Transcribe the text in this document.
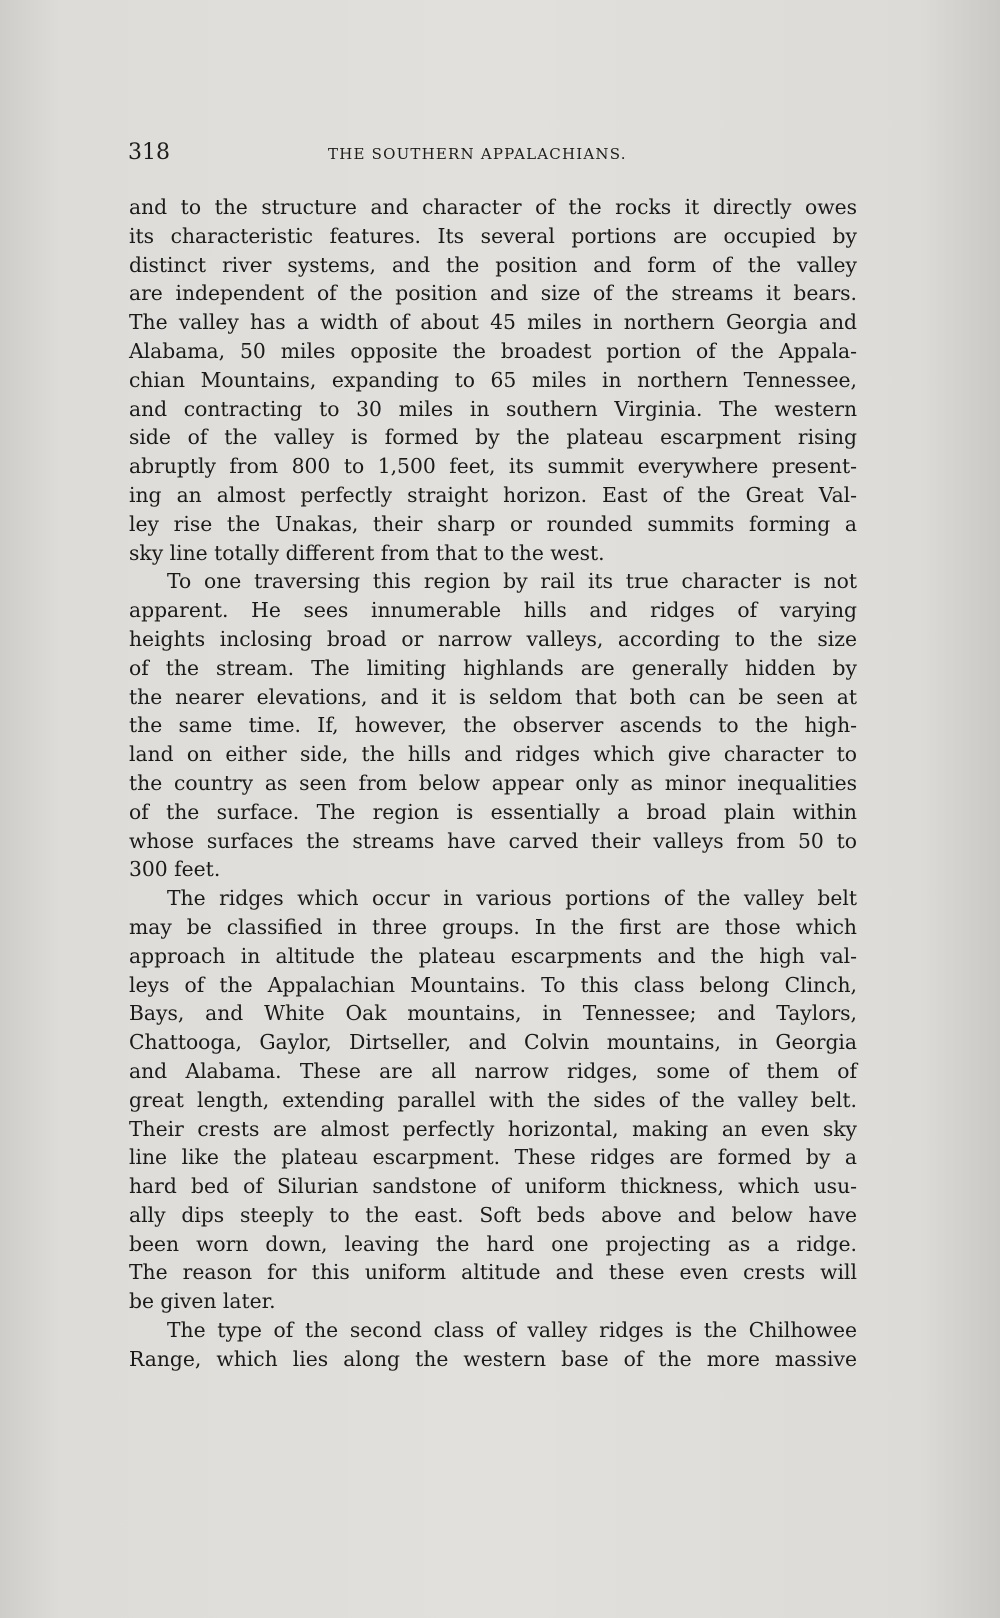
318	THE SOUTHERN APPALACHIANS.
and to the structure and character of the rocks it directly owes
its characteristic features. Its several portions are occupied by
distinct river systems, and the position and form of the valley
are independent of the position and size of the streams it bears.
The valley has a width of about 45 miles in northern Georgia and
Alabama, 50 miles opposite the broadest portion of the Appala-
chian Mountains, expanding to 65 miles in northern Tennessee,
and contracting to 30 miles in southern Virginia. The western
side of the valley is formed by the plateau escarpment rising
abruptly from 800 to 1,500 feet, its summit everywhere present-
ing an almost perfectly straight horizon. East of the Great Val-
ley rise the Unakas, their sharp or rounded summits forming a
sky line totally different from that to the west.
To one traversing this region by rail its true character is not
apparent. He sees innumerable hills and ridges of varying
heights inclosing broad or narrow valleys, according to the size
of the stream. The limiting highlands are generally hidden by
the nearer elevations, and it is seldom that both can be seen at
the same time. If, however, the observer ascends to the high-
land on either side, the hills and ridges which give character to
the country as seen from below appear only as minor inequalities
of the surface. The region is essentially a broad plain within
whose surfaces the streams have carved their valleys from 50 to
300 feet.
The ridges which occur in various portions of the valley belt
may be classified in three groups. In the first are those which
approach in altitude the plateau escarpments and the high val-
leys of the Appalachian Mountains. To this class belong Clinch,
Bays, and White Oak mountains, in Tennessee; and Taylors,
Chattooga, Gaylor, Dirtseller, and Colvin mountains, in Georgia
and Alabama. These are all narrow ridges, some of them of
great length, extending parallel with the sides of the valley belt.
Their crests are almost perfectly horizontal, making an even sky
line like the plateau escarpment. These ridges are formed by a
hard bed of Silurian sandstone of uniform thickness, which usu-
ally dips steeply to the east. Soft beds above and below have
been worn down, leaving the hard one projecting as a ridge.
The reason for this uniform altitude and these even crests will
be given later.
The type of the second class of valley ridges is the Chilhowee
Range, which lies along the western base of the more massive
